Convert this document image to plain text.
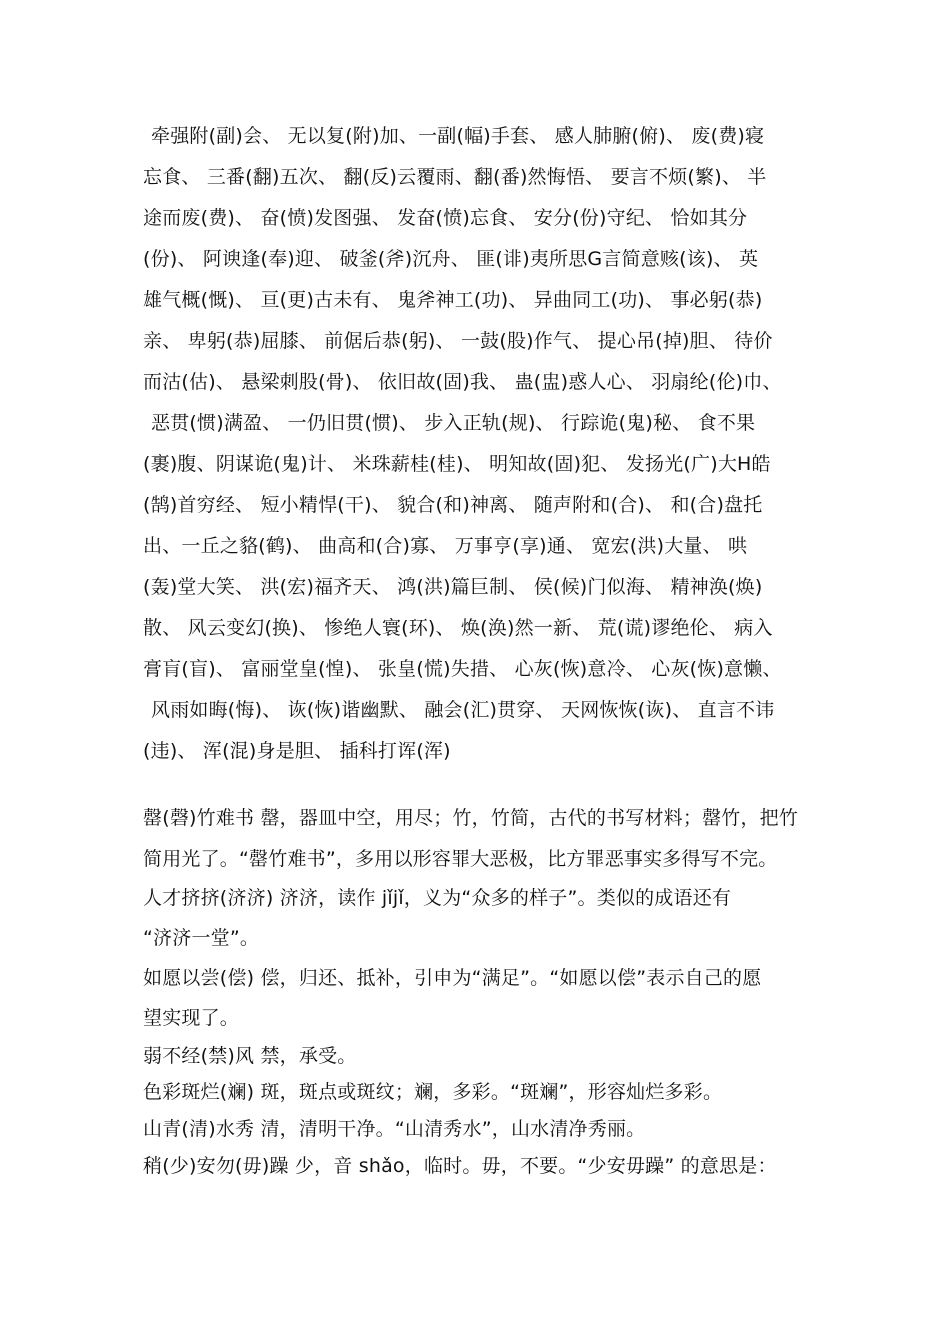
牵强附(副)会、 无以复(附)加、一副(幅)手套、 感人肺腑(俯)、 废(费)寝
忘食、 三番(翻)五次、 翻(反)云覆雨、翻(番)然悔悟、 要言不烦(繁)、 半
途而废(费)、 奋(愤)发图强、 发奋(愤)忘食、 安分(份)守纪、 恰如其分
(份)、 阿谀逢(奉)迎、 破釜(斧)沉舟、 匪(诽)夷所思G言简意赅(该)、 英
雄气概(慨)、 亘(更)古未有、 鬼斧神工(功)、 异曲同工(功)、 事必躬(恭)
亲、 卑躬(恭)屈膝、 前倨后恭(躬)、 一鼓(股)作气、 提心吊(掉)胆、 待价
而沽(估)、 悬梁刺股(骨)、 依旧故(固)我、 蛊(盅)惑人心、 羽扇纶(伦)巾、
恶贯(惯)满盈、 一仍旧贯(惯)、 步入正轨(规)、 行踪诡(鬼)秘、 食不果
(裹)腹、阴谋诡(鬼)计、 米珠薪桂(桂)、 明知故(固)犯、 发扬光(广)大H皓
(鹄)首穷经、 短小精悍(干)、 貌合(和)神离、 随声附和(合)、 和(合)盘托
出、一丘之貉(鹤)、 曲高和(合)寡、 万事亨(享)通、 宽宏(洪)大量、 哄
(轰)堂大笑、 洪(宏)福齐天、 鸿(洪)篇巨制、 侯(候)门似海、 精神涣(焕)
散、 风云变幻(换)、 惨绝人寰(环)、 焕(涣)然一新、 荒(谎)谬绝伦、 病入
膏肓(盲)、 富丽堂皇(惶)、 张皇(慌)失措、 心灰(恢)意冷、 心灰(恢)意懒、
风雨如晦(悔)、 诙(恢)谐幽默、 融会(汇)贯穿、 天网恢恢(诙)、 直言不讳
(违)、 浑(混)身是胆、 插科打诨(浑)
罄(磬)竹难书 罄，器皿中空，用尽；竹，竹简，古代的书写材料；罄竹，把竹
简用光了。“罄竹难书”，多用以形容罪大恶极，比方罪恶事实多得写不完。
人才挤挤(济济) 济济，读作 jǐjǐ，义为“众多的样子”。类似的成语还有
“济济一堂”。
如愿以尝(偿) 偿，归还、抵补，引申为“满足”。“如愿以偿”表示自己的愿
望实现了。
弱不经(禁)风 禁，承受。
色彩斑烂(斓) 斑，斑点或斑纹；斓，多彩。“斑斓”，形容灿烂多彩。
山青(清)水秀 清，清明干净。“山清秀水”，山水清净秀丽。
稍(少)安勿(毋)躁 少，音 shǎo，临时。毋，不要。“少安毋躁” 的意思是：
